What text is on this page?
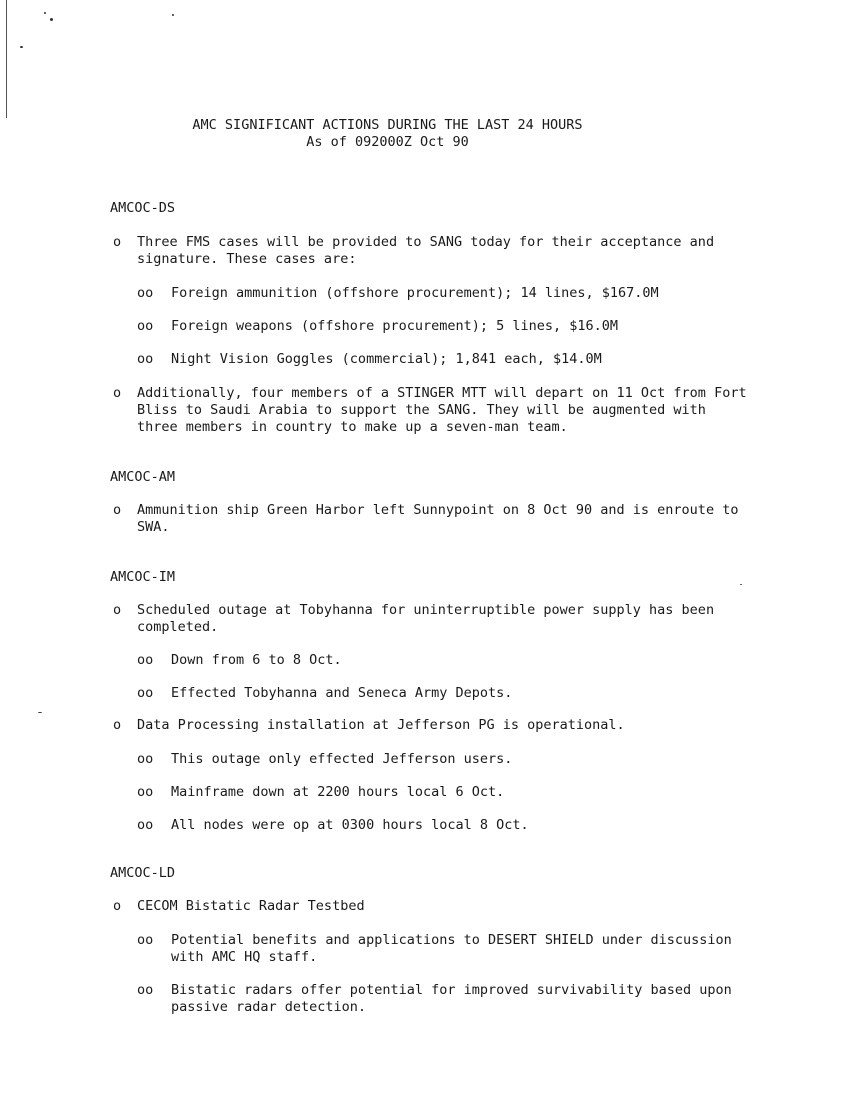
AMC SIGNIFICANT ACTIONS DURING THE LAST 24 HOURS
As of 092000Z Oct 90
AMCOC-DS
o Three FMS cases will be provided to SANG today for their acceptance and
signature. These cases are:
oo Foreign ammunition (offshore procurement); 14 lines, $167.0M
oo Foreign weapons (offshore procurement); 5 lines, $16.0M
oo Night Vision Goggles (commercial); 1,841 each, $14.0M
o Additionally, four members of a STINGER MTT will depart on 11 Oct from Fort
Bliss to Saudi Arabia to support the SANG. They will be augmented with
three members in country to make up a seven-man team.
AMCOC-AM
o Ammunition ship Green Harbor left Sunnypoint on 8 Oct 90 and is enroute to
SWA.
AMCOC-IM
o Scheduled outage at Tobyhanna for uninterruptible power supply has been
completed.
oo Down from 6 to 8 Oct.
oo Effected Tobyhanna and Seneca Army Depots.
o Data Processing installation at Jefferson PG is operational.
oo This outage only effected Jefferson users.
oo Mainframe down at 2200 hours local 6 Oct.
oo All nodes were op at 0300 hours local 8 Oct.
AMCOC-LD
o CECOM Bistatic Radar Testbed
oo Potential benefits and applications to DESERT SHIELD under discussion
with AMC HQ staff.
oo Bistatic radars offer potential for improved survivability based upon
passive radar detection.
